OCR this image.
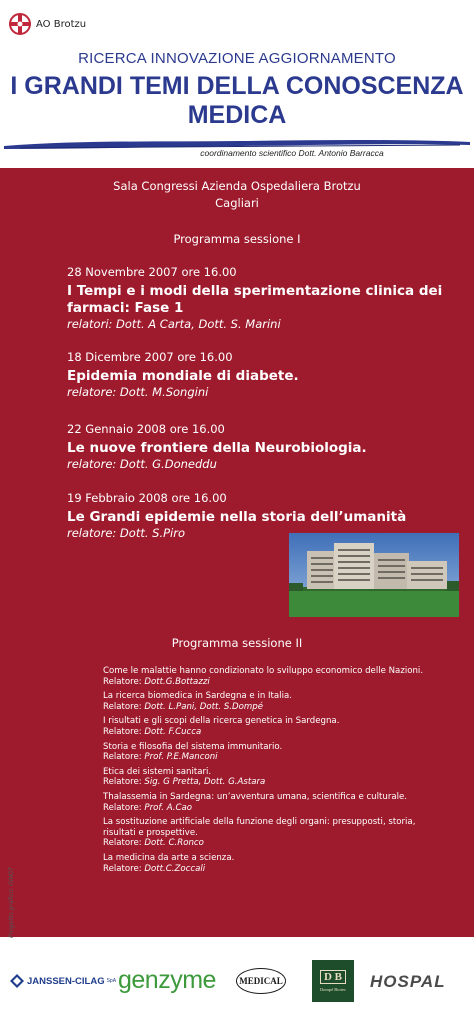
AO Brotzu
RICERCA INNOVAZIONE AGGIORNAMENTO
I GRANDI TEMI DELLA CONOSCENZA
MEDICA
coordinamento scientifico Dott. Antonio Barracca
Sala Congressi Azienda Ospedaliera Brotzu
Cagliari
Programma sessione I
28 Novembre 2007 ore 16.00
I Tempi e i modi della sperimentazione clinica dei farmaci: Fase 1
relatori: Dott. A Carta, Dott. S. Marini
18 Dicembre 2007 ore 16.00
Epidemia mondiale di diabete.
relatore: Dott. M.Songini
22 Gennaio 2008 ore 16.00
Le nuove frontiere della Neurobiologia.
relatore: Dott. G.Doneddu
19 Febbraio 2008 ore 16.00
Le Grandi epidemie nella storia dell’umanità
relatore: Dott. S.Piro
Programma sessione II
Come le malattie hanno condizionato lo sviluppo economico delle Nazioni.
Relatore: Dott.G.Bottazzi
La ricerca biomedica in Sardegna e in Italia.
Relatore: Dott. L.Pani, Dott. S.Dompé
I risultati e gli scopi della ricerca genetica in Sardegna.
Relatore: Dott. F.Cucca
Storia e filosofia del sistema immunitario.
Relatore: Prof. P.E.Manconi
Etica dei sistemi sanitari.
Relatore: Sig. G Pretta, Dott. G.Astara
Thalassemia in Sardegna: un’avventura umana, scientifica e culturale.
Relatore: Prof. A.Cao
La sostituzione artificiale della funzione degli organi: presupposti, storia, risultati e prospettive.
Relatore: Dott. C.Ronco
La medicina da arte a scienza.
Relatore: Dott.C.Zoccali
Progetto grafico: GIN07
JANSSEN-CILAG SpA genzyme	MEDICAL	D B
Dompé Biotec HOSPAL
